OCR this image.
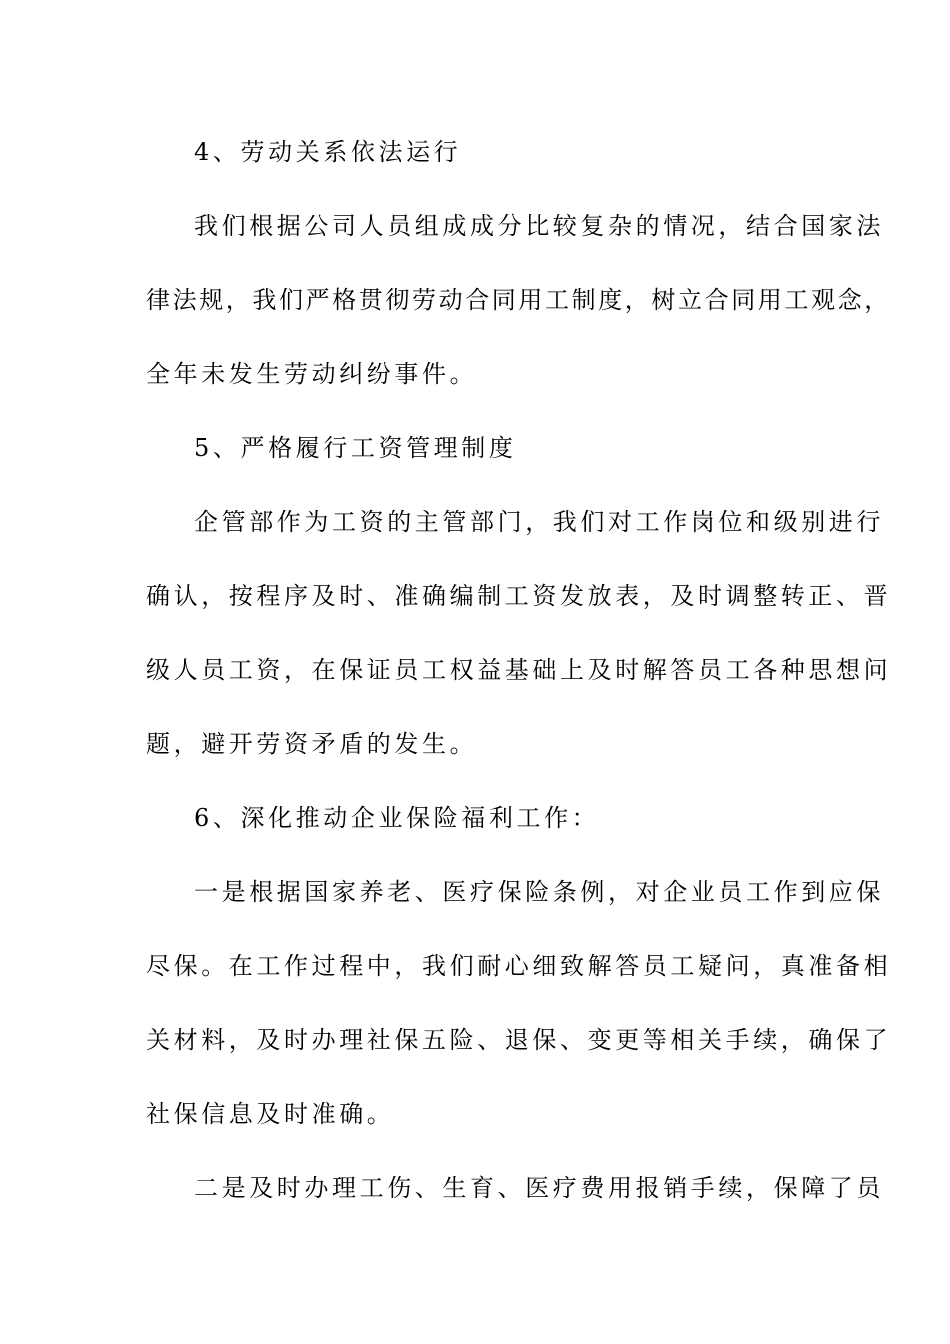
4、劳动关系依法运行
我们根据公司人员组成成分比较复杂的情况，结合国家法
律法规，我们严格贯彻劳动合同用工制度，树立合同用工观念，
全年未发生劳动纠纷事件。
5、严格履行工资管理制度
企管部作为工资的主管部门，我们对工作岗位和级别进行
确认，按程序及时、准确编制工资发放表，及时调整转正、晋
级人员工资，在保证员工权益基础上及时解答员工各种思想问
题，避开劳资矛盾的发生。
6、深化推动企业保险福利工作：
一是根据国家养老、医疗保险条例，对企业员工作到应保
尽保。在工作过程中，我们耐心细致解答员工疑问，真准备相
关材料，及时办理社保五险、退保、变更等相关手续，确保了
社保信息及时准确。
二是及时办理工伤、生育、医疗费用报销手续，保障了员
